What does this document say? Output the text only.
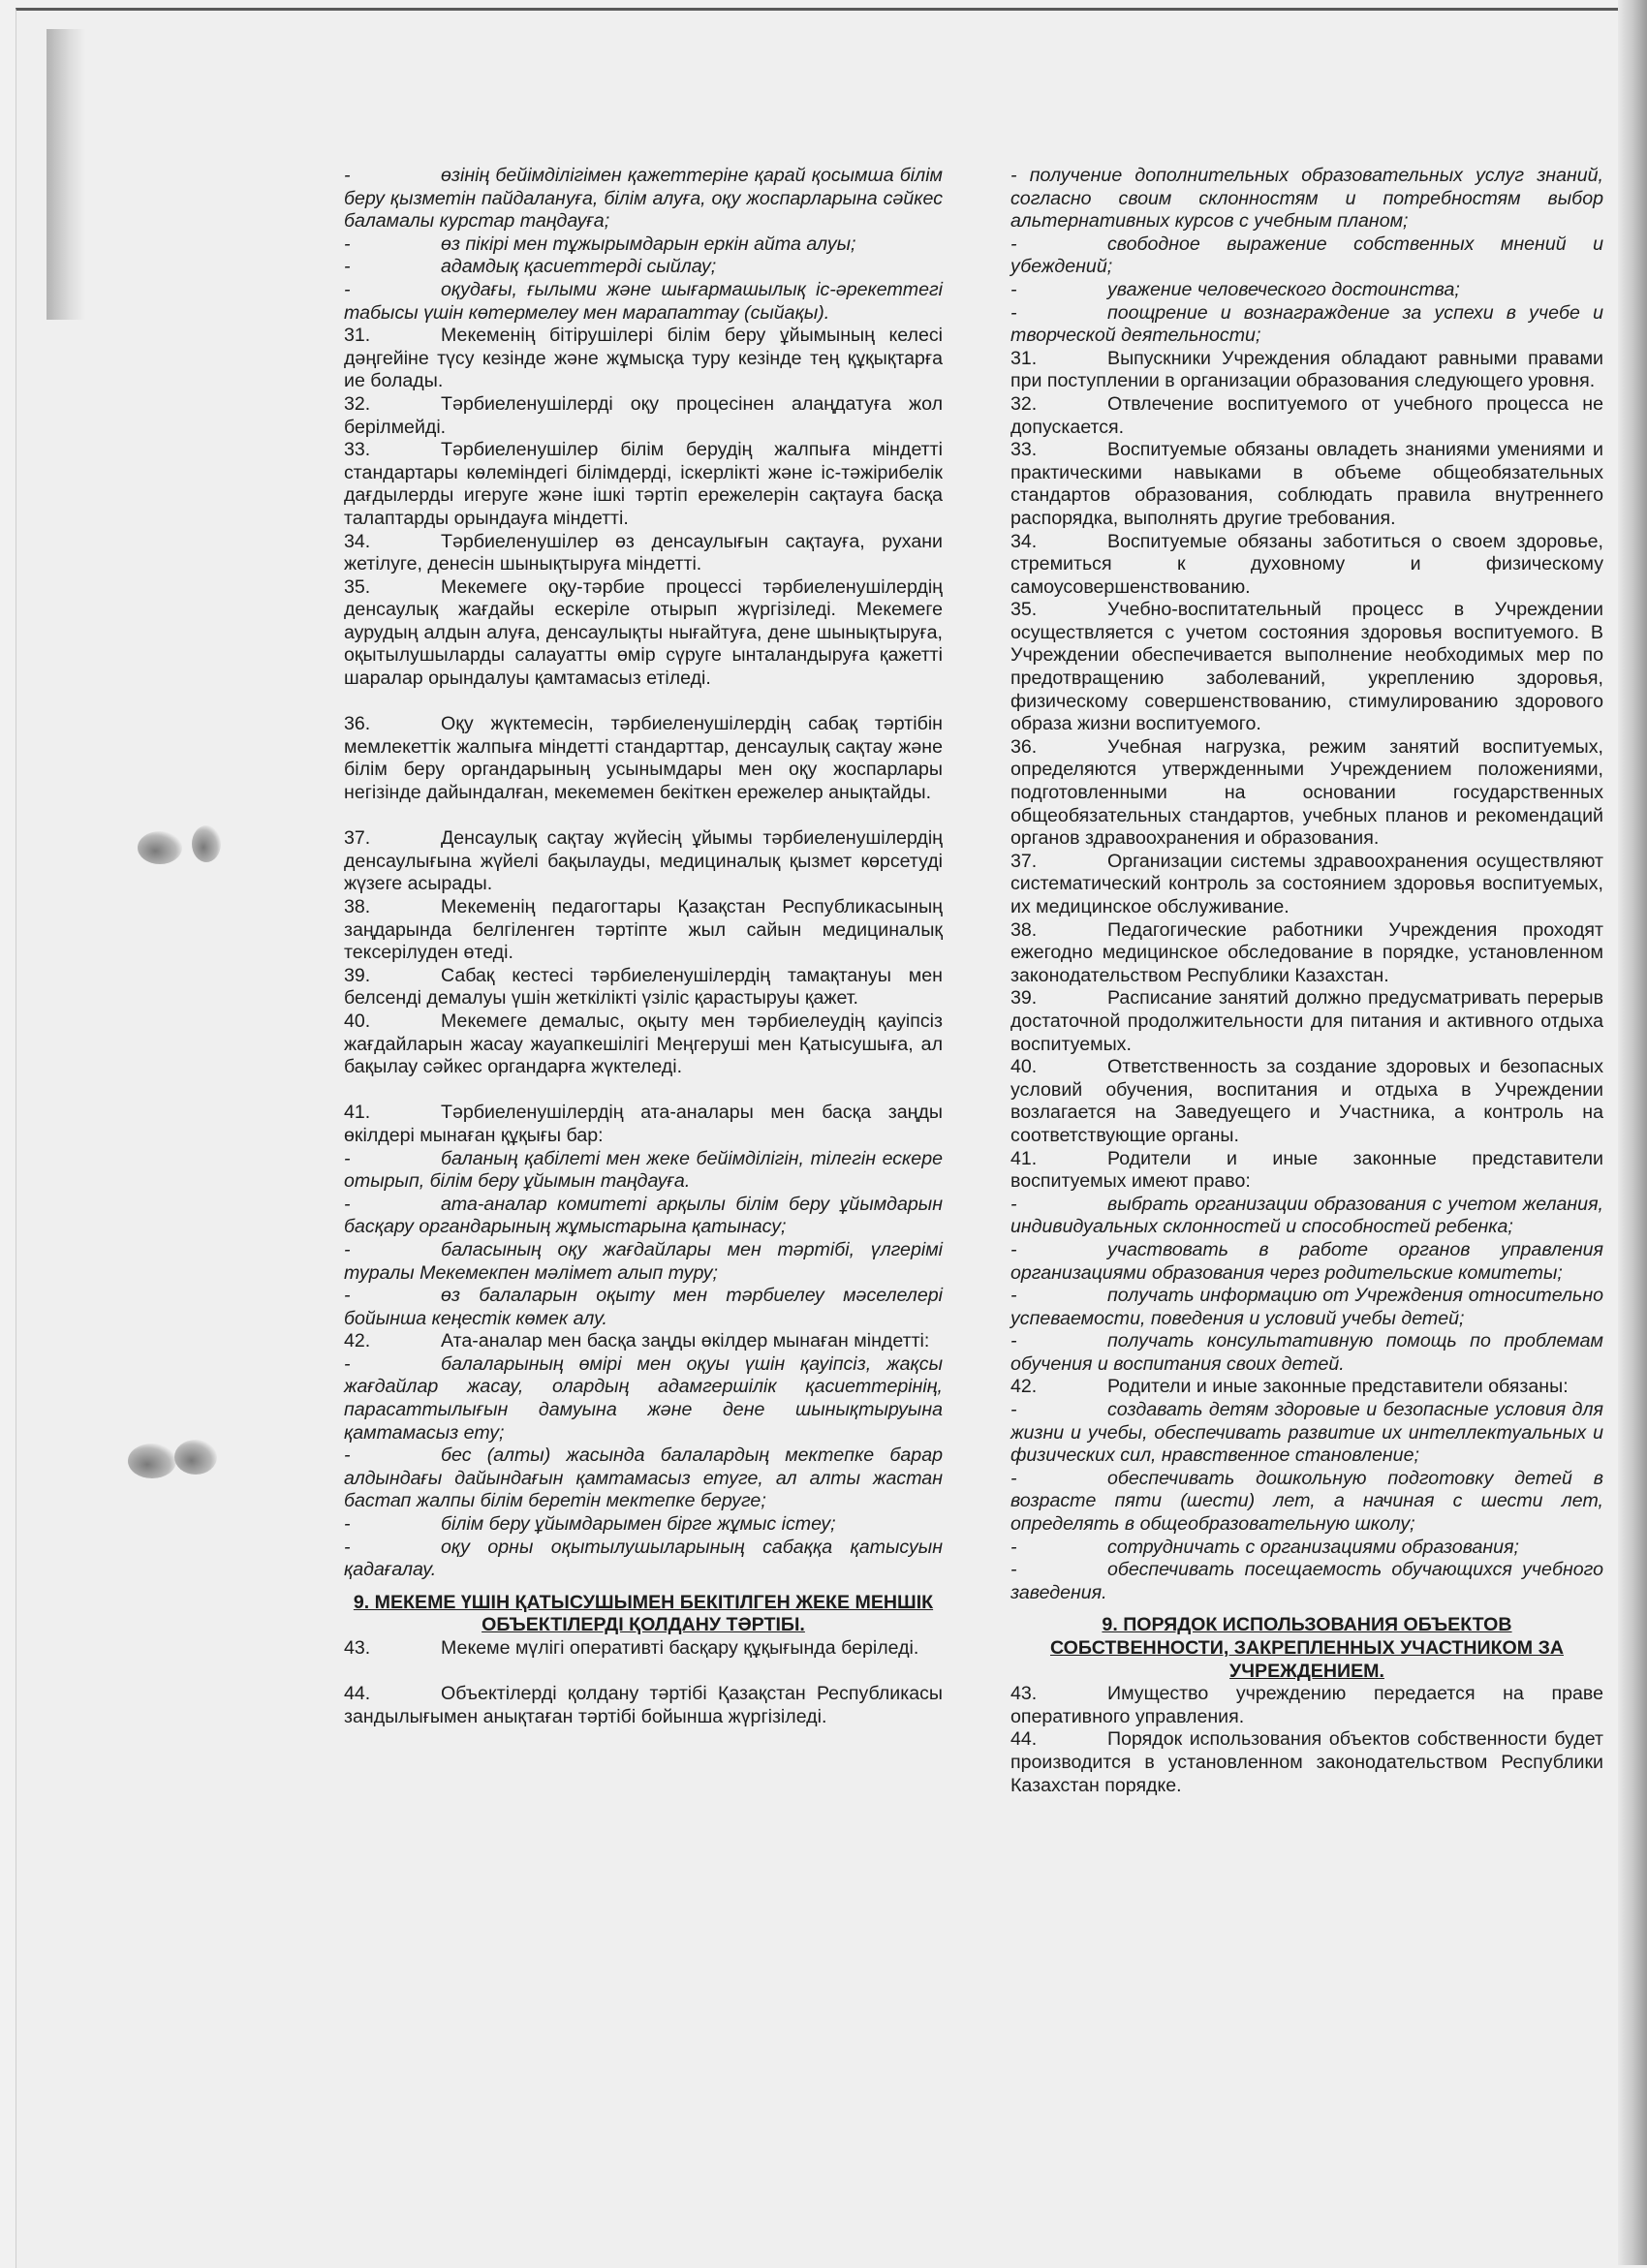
-	өзінің бейімділігімен қажеттеріне қарай қосымша білім беру қызметін пайдалануға, білім алуға, оқу жоспарларына сәйкес баламалы курстар таңдауға;

-	өз пікірі мен тұжырымдарын еркін айта алуы;

-	адамдық қасиеттерді сыйлау;

-	оқудағы, ғылыми және шығармашылық іс-әрекеттегі табысы үшін көтермелеу мен марапаттау (сыйақы).

31.	Мекеменің бітірушілері білім беру ұйымының келесі дәңгейіне түсу кезінде және жұмысқа туру кезінде тең құқықтарға ие болады.

32.	Тәрбиеленушілерді оқу процесінен алаңдатуға жол берілмейді.

33.	Тәрбиеленушілер білім берудің жалпыға міндетті стандартары көлеміндегі білімдерді, іскерлікті және іс-тәжірибелік дағдылерды игеруге және ішкі тәртіп ережелерін сақтауға басқа талаптарды орындауға міндетті.

34.	Тәрбиеленушілер өз денсаулығын сақтауға, рухани жетілуге, денесін шынықтыруға міндетті.

35.	Мекемеге оқу-тәрбие процессі тәрбиеленушілердің денсаулық жағдайы ескеріле отырып жүргізіледі. Мекемеге аурудың алдын алуға, денсаулықты нығайтуға, дене шынықтыруға, оқытылушыларды салауатты өмір сүруге ынталандыруға қажетті шаралар орындалуы қамтамасыз етіледі.

36.	Оқу жүктемесін, тәрбиеленушілердің сабақ тәртібін мемлекеттік жалпыға міндетті стандарттар, денсаулық сақтау және білім беру органдарының усынымдары мен оқу жоспарлары негізінде дайындалған, мекемемен бекіткен ережелер анықтайды.

37.	Денсаулық сақтау жүйесің ұйымы тәрбиеленушілердің денсаулығына жүйелі бақылауды, медициналық қызмет көрсетуді жүзеге асырады.

38.	Мекеменің педагогтары Қазақстан Республикасының заңдарында белгіленген тәртіпте жыл сайын медициналық тексерілуден өтеді.

39.	Сабақ кестесі тәрбиеленушілердің тамақтануы мен белсенді демалуы үшін жеткілікті үзіліс қарастыруы қажет.

40.	Мекемеге демалыс, оқыту мен тәрбиелеудің қауіпсіз жағдайларын жасау жауапкешілігі Меңгеруші мен Қатысушыға, ал бақылау сәйкес органдарға жүктеледі.

41.	Тәрбиеленушілердің ата-аналары мен басқа заңды өкілдері мынаған құқығы бар:

-	баланың қабілеті мен жеке бейімділігін, тілегін ескере отырып, білім беру ұйымын таңдауға.

-	ата-аналар комитеті арқылы білім беру ұйымдарын басқару органдарының жұмыстарына қатынасу;

-	баласының оқу жағдайлары мен тәртібі, үлгерімі туралы Мекемекпен мәлімет алып туру;

-	өз балаларын оқыту мен тәрбиелеу мәселелері бойынша кеңестік көмек алу.

42.	Ата-аналар мен басқа заңды өкілдер мынаған міндетті:

-	балаларының өмірі мен оқуы үшін қауіпсіз, жақсы жағдайлар жасау, олардың адамгершілік қасиеттерінің, парасаттылығын дамуына және дене шынықтыруына қамтамасыз ету;

-	бес (алты) жасында балалардың мектепке барар алдындағы дайындағын қамтамасыз етуге, ал алты жастан бастап жалпы білім беретін мектепке беруге;

-	білім беру ұйымдарымен бірге жұмыс істеу;

-	оқу орны оқытылушыларының сабаққа қатысуын қадағалау.

9. МЕКЕМЕ ҮШІН ҚАТЫСУШЫМЕН БЕКІТІЛГЕН ЖЕКЕ МЕНШІК ОБЪЕКТІЛЕРДІ ҚОЛДАНУ ТӘРТІБІ.

43.	Мекеме мүлігі оперативті басқару құқығында беріледі.

44.	Объектілерді қолдану тәртібі Қазақстан Республикасы зандылығымен анықтаған тәртібі бойынша жүргізіледі.

- получение дополнительных образовательных услуг знаний, согласно своим склонностям и потребностям выбор альтернативных курсов с учебным планом;

-	свободное выражение собственных мнений и убеждений;

-	уважение человеческого достоинства;

-	поощрение и вознаграждение за успехи в учебе и творческой деятельности;

31.	Выпускники Учреждения обладают равными правами при поступлении в организации образования следующего уровня.

32.	Отвлечение воспитуемого от учебного процесса не допускается.

33.	Воспитуемые обязаны овладеть знаниями умениями и практическими навыками в объеме общеобязательных стандартов образования, соблюдать правила внутреннего распорядка, выполнять другие требования.

34.	Воспитуемые обязаны заботиться о своем здоровье, стремиться к духовному и физическому самоусовершенствованию.

35.	Учебно-воспитательный процесс в Учреждении осуществляется с учетом состояния здоровья воспитуемого. В Учреждении обеспечивается выполнение необходимых мер по предотвращению заболеваний, укреплению здоровья, физическому совершенствованию, стимулированию здорового образа жизни воспитуемого.

36.	Учебная нагрузка, режим занятий воспитуемых, определяются утвержденными Учреждением положениями, подготовленными на основании государственных общеобязательных стандартов, учебных планов и рекомендаций органов здравоохранения и образования.

37.	Организации системы здравоохранения осуществляют систематический контроль за состоянием здоровья воспитуемых, их медицинское обслуживание.

38.	Педагогические работники Учреждения проходят ежегодно медицинское обследование в порядке, установленном законодательством Республики Казахстан.

39.	Расписание занятий должно предусматривать перерыв достаточной продолжительности для питания и активного отдыха воспитуемых.

40.	Ответственность за создание здоровых и безопасных условий обучения, воспитания и отдыха в Учреждении возлагается на Заведуещего и Участника, а контроль на соответствующие органы.

41.	Родители и иные законные представители воспитуемых имеют право:

-	выбрать организации образования с учетом желания, индивидуальных склонностей и способностей ребенка;

-	участвовать в работе органов управления организациями образования через родительские комитеты;

-	получать информацию от Учреждения относительно успеваемости, поведения и условий учебы детей;

-	получать консультативную помощь по проблемам обучения и воспитания своих детей.

42.	Родители и иные законные представители обязаны:

-	создавать детям здоровые и безопасные условия для жизни и учебы, обеспечивать развитие их интеллектуальных и физических сил, нравственное становление;

-	обеспечивать дошкольную подготовку детей в возрасте пяти (шести) лет, а начиная с шести лет, определять в общеобразовательную школу;

-	сотрудничать с организациями образования;

-	обеспечивать посещаемость обучающихся учебного заведения.

9. ПОРЯДОК ИСПОЛЬЗОВАНИЯ ОБЪЕКТОВ СОБСТВЕННОСТИ, ЗАКРЕПЛЕННЫХ УЧАСТНИКОМ ЗА УЧРЕЖДЕНИЕМ.

43.	Имущество учреждению передается на праве оперативного управления.

44.	Порядок использования объектов собственности будет производится в установленном законодательством Республики Казахстан порядке.
